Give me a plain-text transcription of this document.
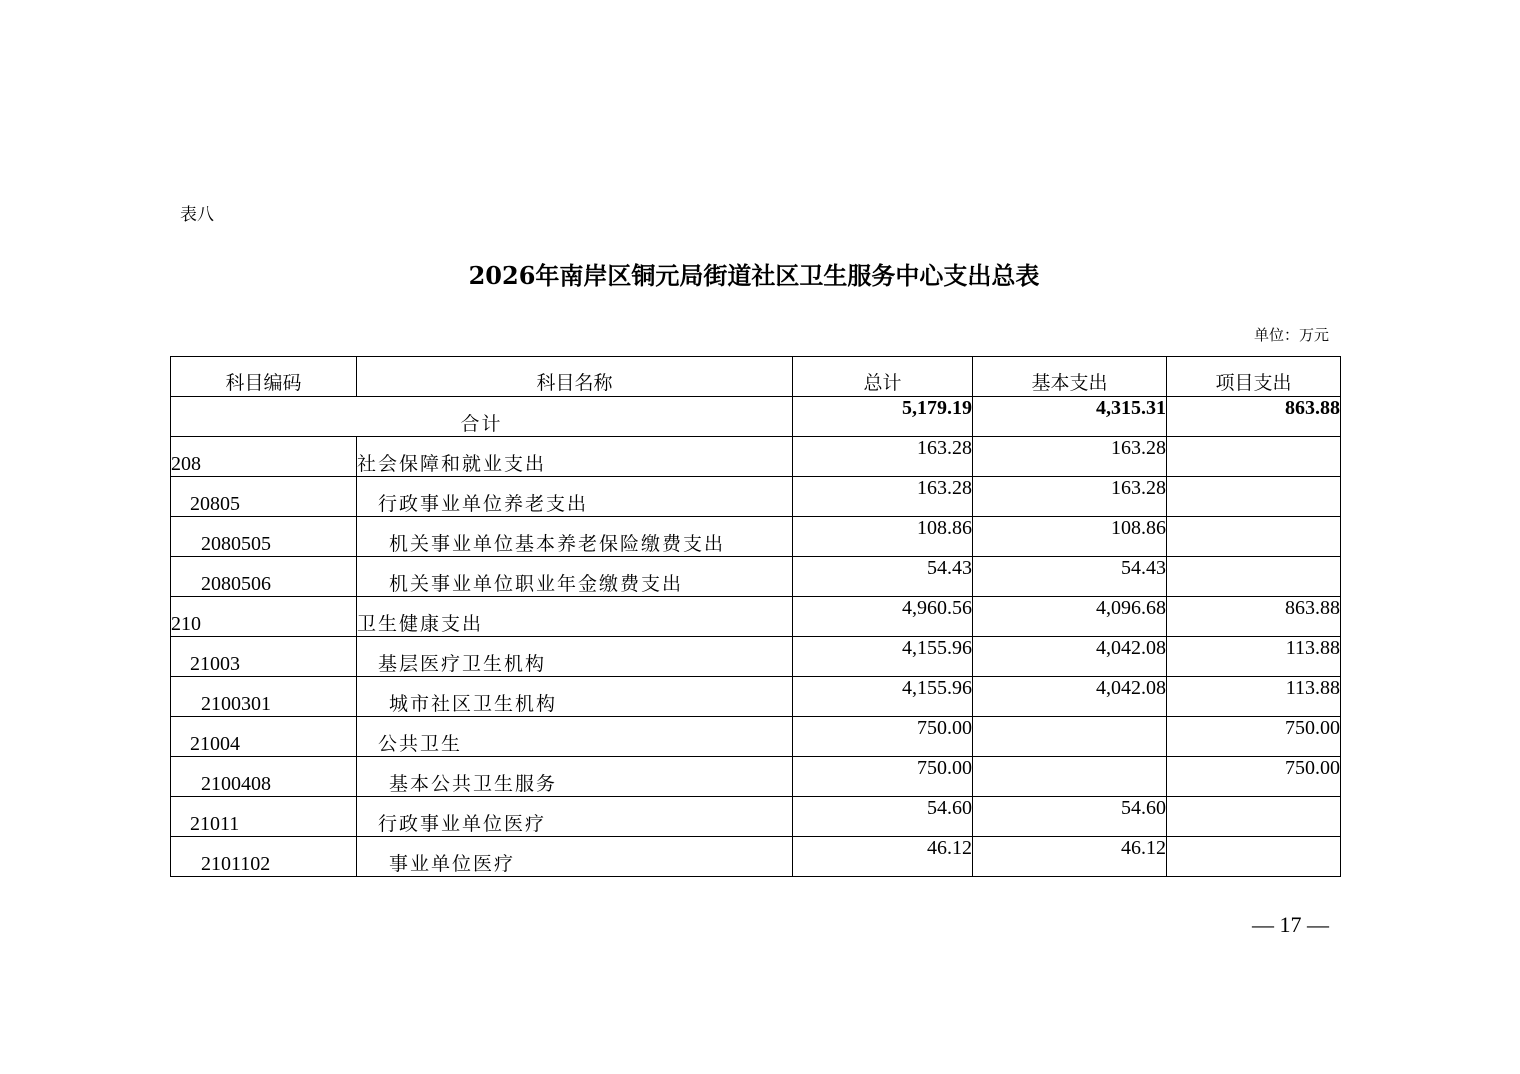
表八
2026年南岸区铜元局街道社区卫生服务中心支出总表
单位：万元
科目编码	科目名称	总计	基本支出	项目支出
合计		5,179.19	4,315.31	863.88
208	社会保障和就业支出	163.28	163.28	
20805	行政事业单位养老支出	163.28	163.28	
2080505	机关事业单位基本养老保险缴费支出	108.86	108.86	
2080506	机关事业单位职业年金缴费支出	54.43	54.43	
210	卫生健康支出	4,960.56	4,096.68	863.88
21003	基层医疗卫生机构	4,155.96	4,042.08	113.88
2100301	城市社区卫生机构	4,155.96	4,042.08	113.88
21004	公共卫生	750.00		750.00
2100408	基本公共卫生服务	750.00		750.00
21011	行政事业单位医疗	54.60	54.60	
2101102	事业单位医疗	46.12	46.12	
— 17 —
